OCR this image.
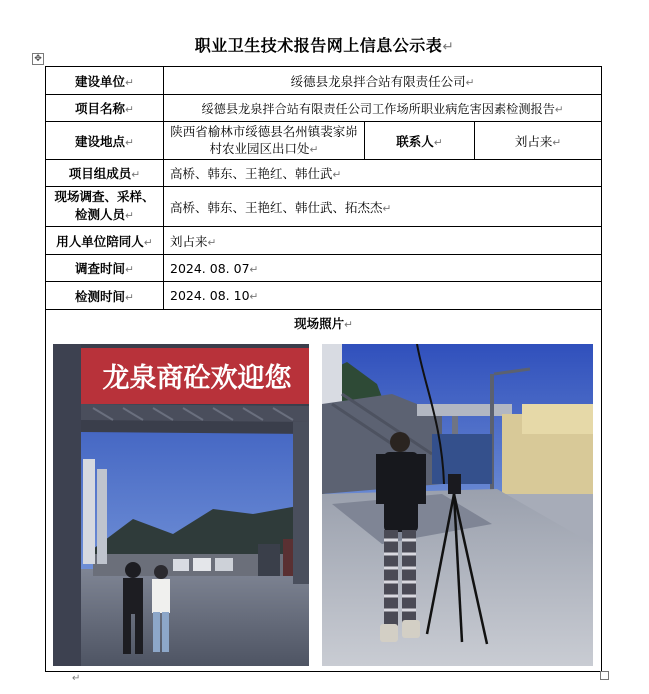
职业卫生技术报告网上信息公示表↵
✥
建设单位↵	绥德县龙泉拌合站有限责任公司↵		
项目名称↵	绥德县龙泉拌合站有限责任公司工作场所职业病危害因素检测报告↵		
建设地点↵	陕西省榆林市绥德县名州镇裴家峁村农业园区出口处↵	联系人↵	刘占来↵
项目组成员↵	高桥、韩东、王艳红、韩仕武↵		
现场调查、采样、检测人员↵	高桥、韩东、王艳红、韩仕武、拓杰杰↵		
用人单位陪同人↵	刘占来↵		
调查时间↵	2024. 08. 07↵		
检测时间↵	2024. 08. 10↵		

现场照片↵
龙泉商砼欢迎您			
↵
